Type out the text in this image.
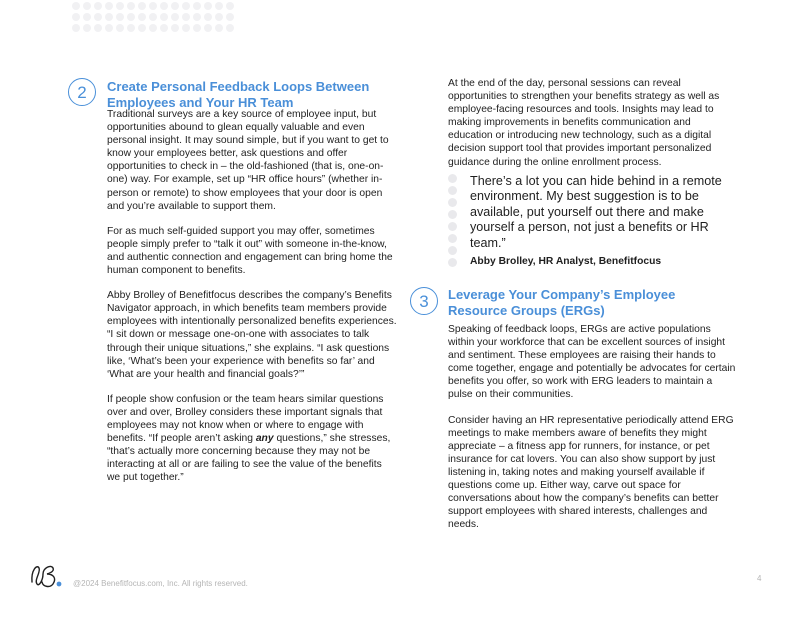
2	Create Personal Feedback Loops Between Employees and Your HR Team

Traditional surveys are a key source of employee input, but opportunities abound to glean equally valuable and even personal insight. It may sound simple, but if you want to get to know your employees better, ask questions and offer opportunities to check in – the old-fashioned (that is, one-on-one) way. For example, set up “HR office hours” (whether in-person or remote) to show employees that your door is open and you’re available to support them.

For as much self-guided support you may offer, sometimes people simply prefer to “talk it out” with someone in-the-know, and authentic connection and engagement can bring home the human component to benefits.

Abby Brolley of Benefitfocus describes the company’s Benefits Navigator approach, in which benefits team members provide employees with intentionally personalized benefits experiences. “I sit down or message one-on-one with associates to talk through their unique situations,” she explains. “I ask questions like, ‘What’s been your experience with benefits so far’ and ‘What are your health and financial goals?’”

If people show confusion or the team hears similar questions over and over, Brolley considers these important signals that employees may not know when or where to engage with benefits. “If people aren’t asking any questions,” she stresses, “that’s actually more concerning because they may not be interacting at all or are failing to see the value of the benefits we put together.”

At the end of the day, personal sessions can reveal opportunities to strengthen your benefits strategy as well as employee-facing resources and tools. Insights may lead to making improvements in benefits communication and education or introducing new technology, such as a digital decision support tool that provides important personalized guidance during the online enrollment process.

There’s a lot you can hide behind in a remote environment. My best suggestion is to be available, put yourself out there and make yourself a person, not just a benefits or HR team.”
Abby Brolley, HR Analyst, Benefitfocus
3	Leverage Your Company’s Employee Resource Groups (ERGs)

Speaking of feedback loops, ERGs are active populations within your workforce that can be excellent sources of insight and sentiment. These employees are raising their hands to come together, engage and potentially be advocates for certain benefits you offer, so work with ERG leaders to maintain a pulse on their communities.

Consider having an HR representative periodically attend ERG meetings to make members aware of benefits they might appreciate – a fitness app for runners, for instance, or pet insurance for cat lovers. You can also show support by just listening in, taking notes and making yourself available if questions come up. Either way, carve out space for conversations about how the company’s benefits can better support employees with shared interests, challenges and needs.

@2024 Benefitfocus.com, Inc. All rights reserved.
4
